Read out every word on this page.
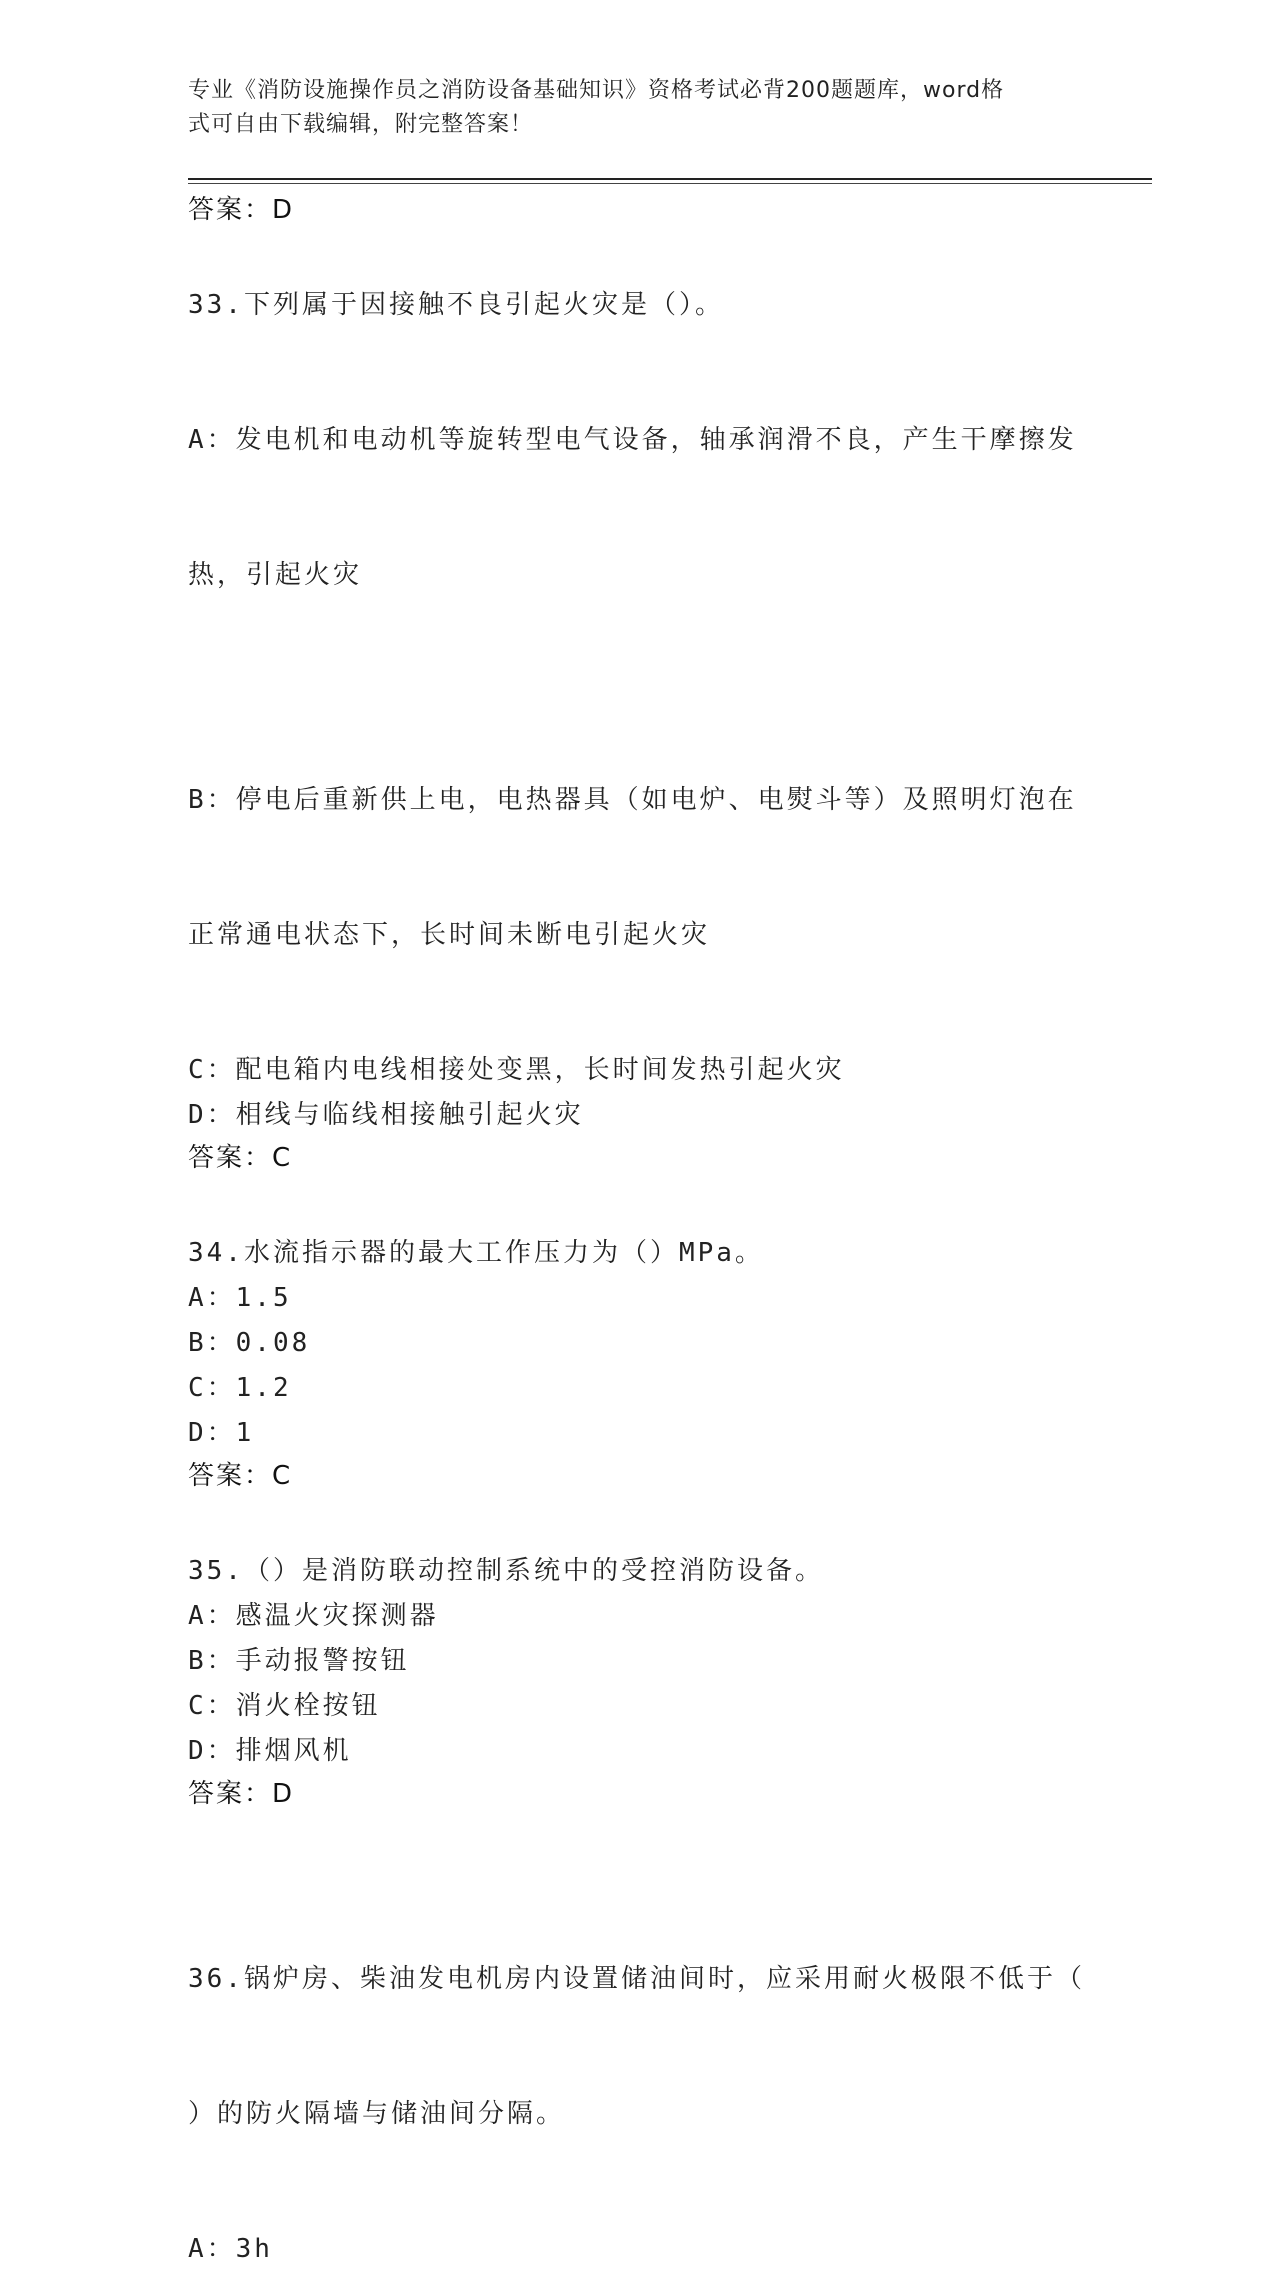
专业《消防设施操作员之消防设备基础知识》资格考试必背200题题库，word格
式可自由下载编辑，附完整答案！
答案：D
33.下列属于因接触不良引起火灾是（）。

A：发电机和电动机等旋转型电气设备，轴承润滑不良，产生干摩擦发

热，引起火灾

B：停电后重新供上电，电热器具（如电炉、电熨斗等）及照明灯泡在

正常通电状态下，长时间未断电引起火灾

C：配电箱内电线相接处变黑，长时间发热引起火灾
D：相线与临线相接触引起火灾
答案：C
34.水流指示器的最大工作压力为（）MPa。
A：1.5
B：0.08
C：1.2
D：1
答案：C
35.（）是消防联动控制系统中的受控消防设备。
A：感温火灾探测器
B：手动报警按钮
C：消火栓按钮
D：排烟风机
答案：D

36.锅炉房、柴油发电机房内设置储油间时，应采用耐火极限不低于（

）的防火隔墙与储油间分隔。

A：3h
